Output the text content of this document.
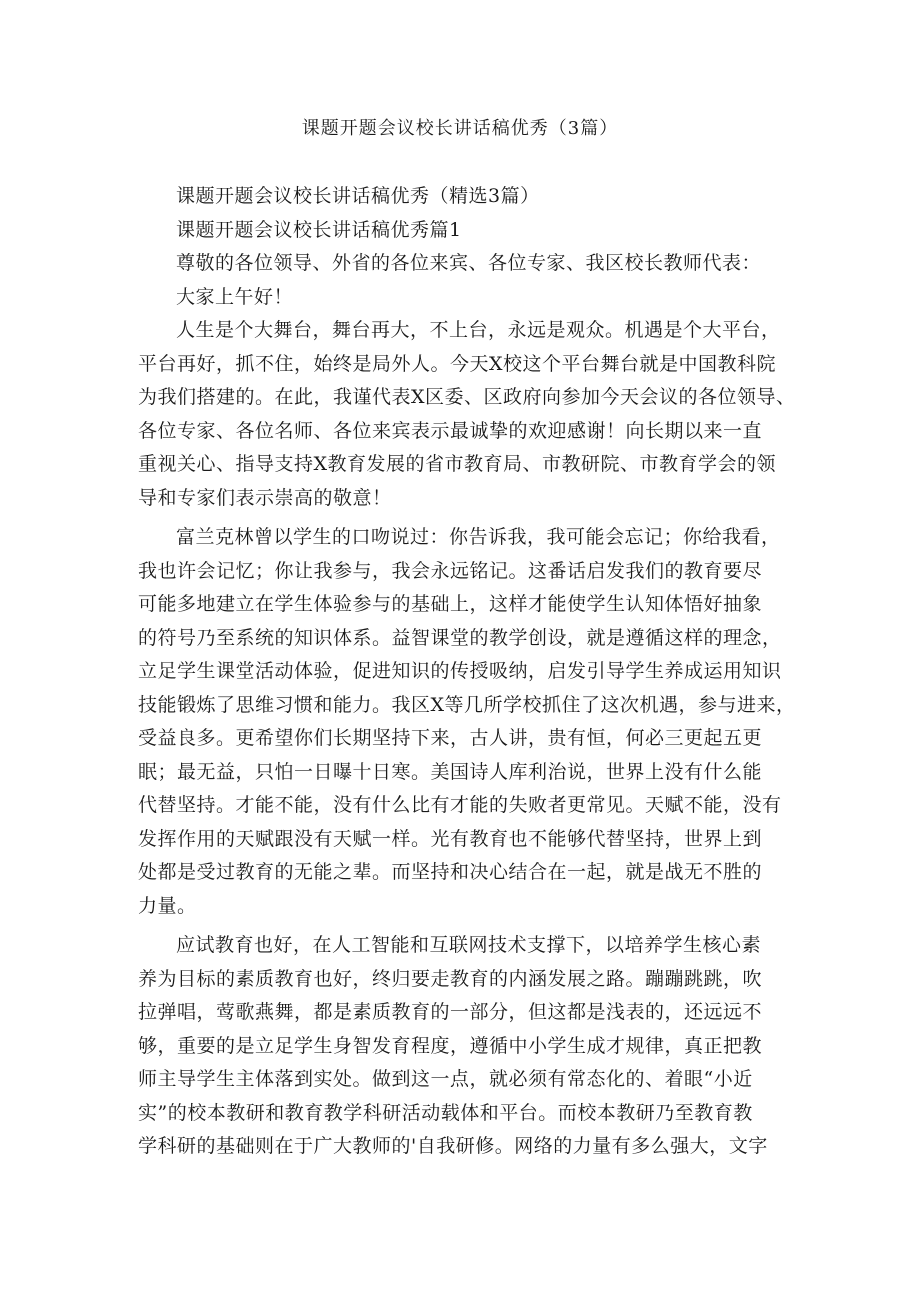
课题开题会议校长讲话稿优秀（3篇）
课题开题会议校长讲话稿优秀（精选3篇）
课题开题会议校长讲话稿优秀篇1
尊敬的各位领导、外省的各位来宾、各位专家、我区校长教师代表：
大家上午好！
人生是个大舞台，舞台再大，不上台，永远是观众。机遇是个大平台，
平台再好，抓不住，始终是局外人。今天X校这个平台舞台就是中国教科院
为我们搭建的。在此，我谨代表X区委、区政府向参加今天会议的各位领导、
各位专家、各位名师、各位来宾表示最诚挚的欢迎感谢！向长期以来一直
重视关心、指导支持X教育发展的省市教育局、市教研院、市教育学会的领
导和专家们表示崇高的敬意！
富兰克林曾以学生的口吻说过：你告诉我，我可能会忘记；你给我看，
我也许会记忆；你让我参与，我会永远铭记。这番话启发我们的教育要尽
可能多地建立在学生体验参与的基础上，这样才能使学生认知体悟好抽象
的符号乃至系统的知识体系。益智课堂的教学创设，就是遵循这样的理念，
立足学生课堂活动体验，促进知识的传授吸纳，启发引导学生养成运用知识
技能锻炼了思维习惯和能力。我区X等几所学校抓住了这次机遇，参与进来，
受益良多。更希望你们长期坚持下来，古人讲，贵有恒，何必三更起五更
眠；最无益，只怕一日曝十日寒。美国诗人库利治说，世界上没有什么能
代替坚持。才能不能，没有什么比有才能的失败者更常见。天赋不能，没有
发挥作用的天赋跟没有天赋一样。光有教育也不能够代替坚持，世界上到
处都是受过教育的无能之辈。而坚持和决心结合在一起，就是战无不胜的
力量。
应试教育也好，在人工智能和互联网技术支撑下，以培养学生核心素
养为目标的素质教育也好，终归要走教育的内涵发展之路。蹦蹦跳跳，吹
拉弹唱，莺歌燕舞，都是素质教育的一部分，但这都是浅表的，还远远不
够，重要的是立足学生身智发育程度，遵循中小学生成才规律，真正把教
师主导学生主体落到实处。做到这一点，就必须有常态化的、着眼“小近
实”的校本教研和教育教学科研活动载体和平台。而校本教研乃至教育教
学科研的基础则在于广大教师的'自我研修。网络的力量有多么强大，文字
